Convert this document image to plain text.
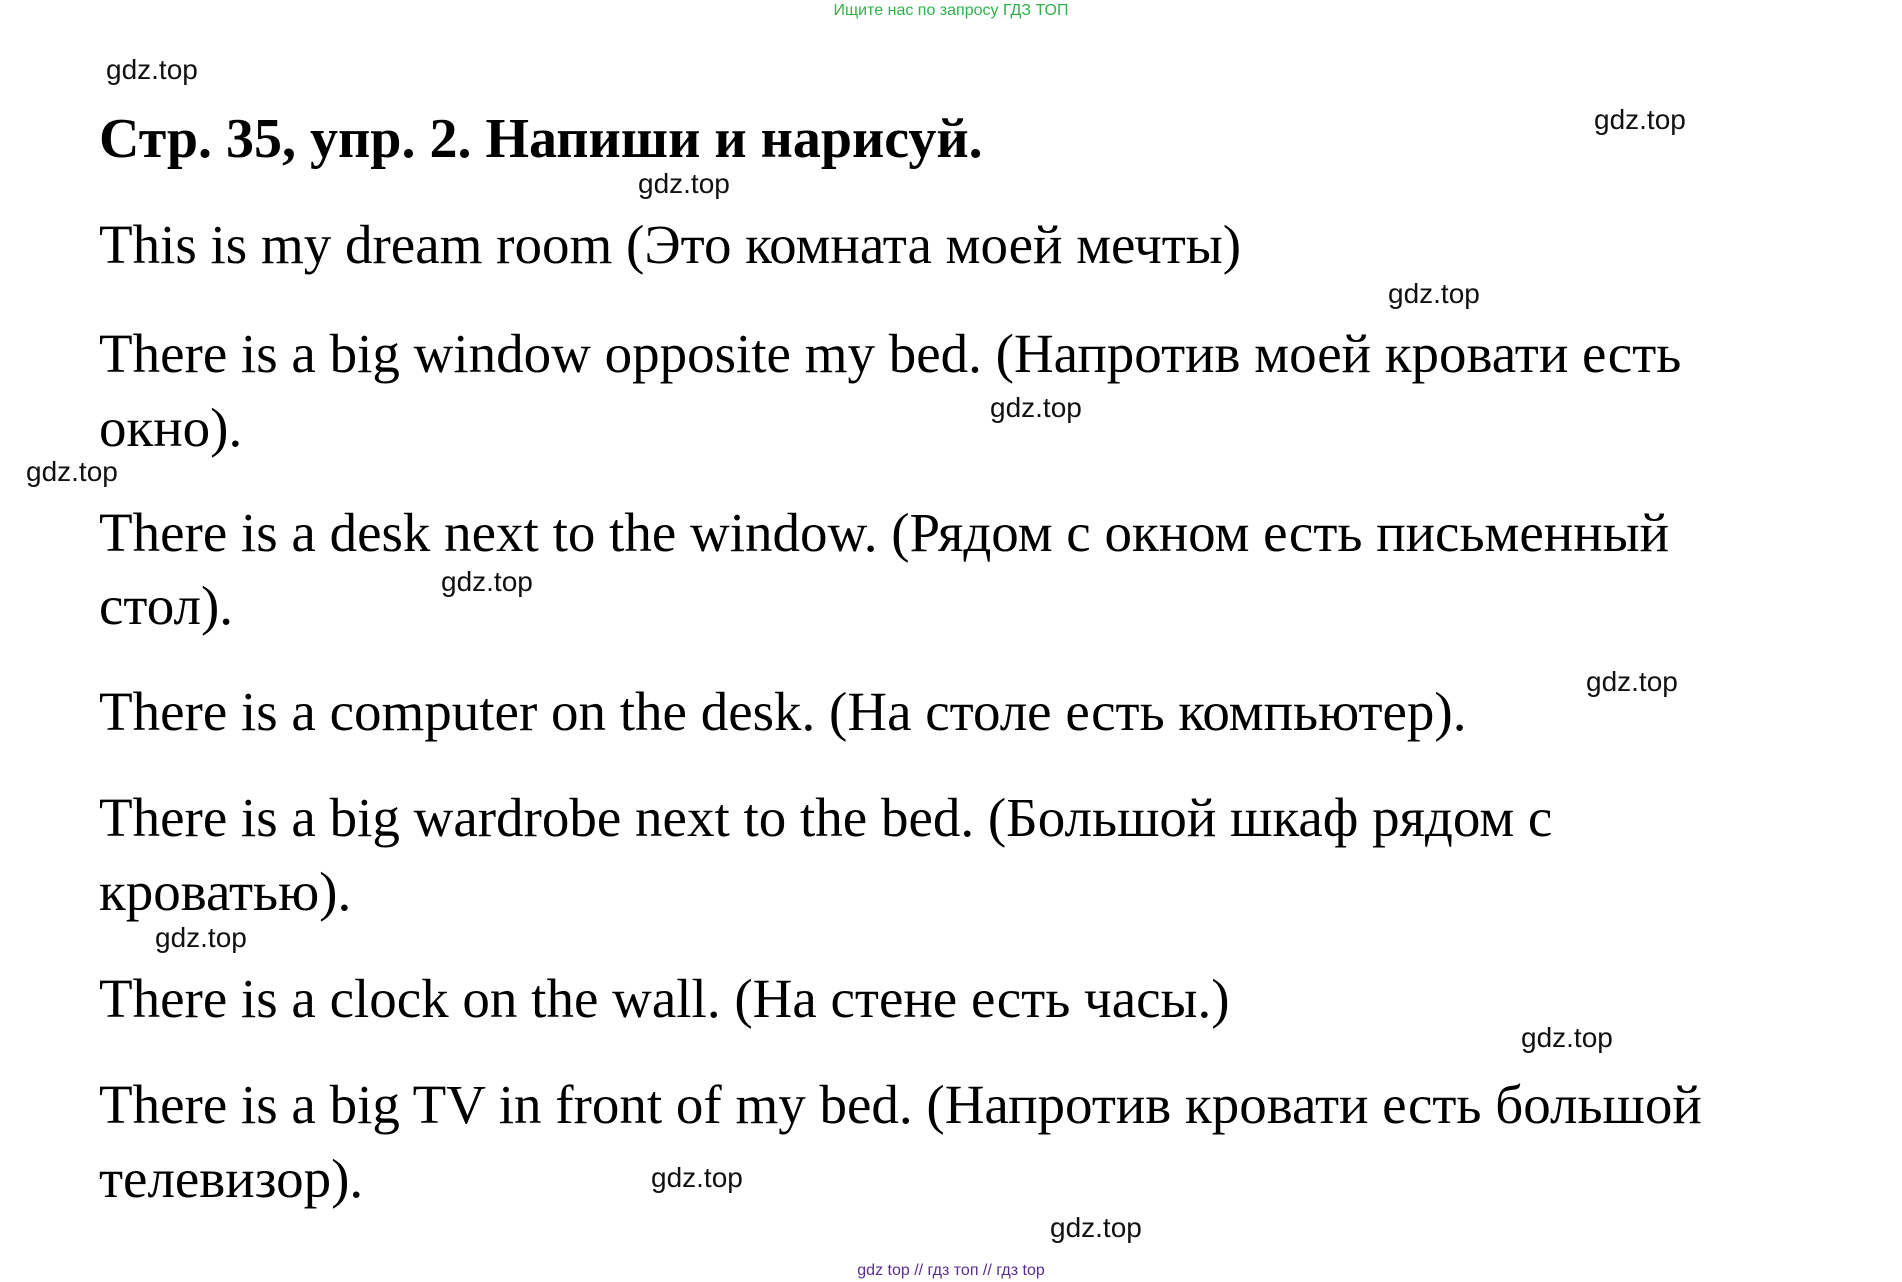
Ищите нас по запросу ГДЗ ТОП
gdz.top
gdz.top
Стр. 35, упр. 2. Напиши и нарисуй.
gdz.top

This is my dream room (Это комната моей мечты)

gdz.top

There is a big window opposite my bed. (Напротив моей кровати есть

окно).	gdz.top
gdz.top

There is a desk next to the window. (Рядом с окном есть письменный

gdz.top

стол).

gdz.top

There is a computer on the desk. (На столе есть компьютер).

There is a big wardrobe next to the bed. (Большой шкаф рядом с

кроватью).

gdz.top

There is a clock on the wall. (На стене есть часы.)

gdz.top

There is a big TV in front of my bed. (Напротив кровати есть большой

телевизор).	gdz.top
gdz.top
gdz top // гдз топ // гдз top
